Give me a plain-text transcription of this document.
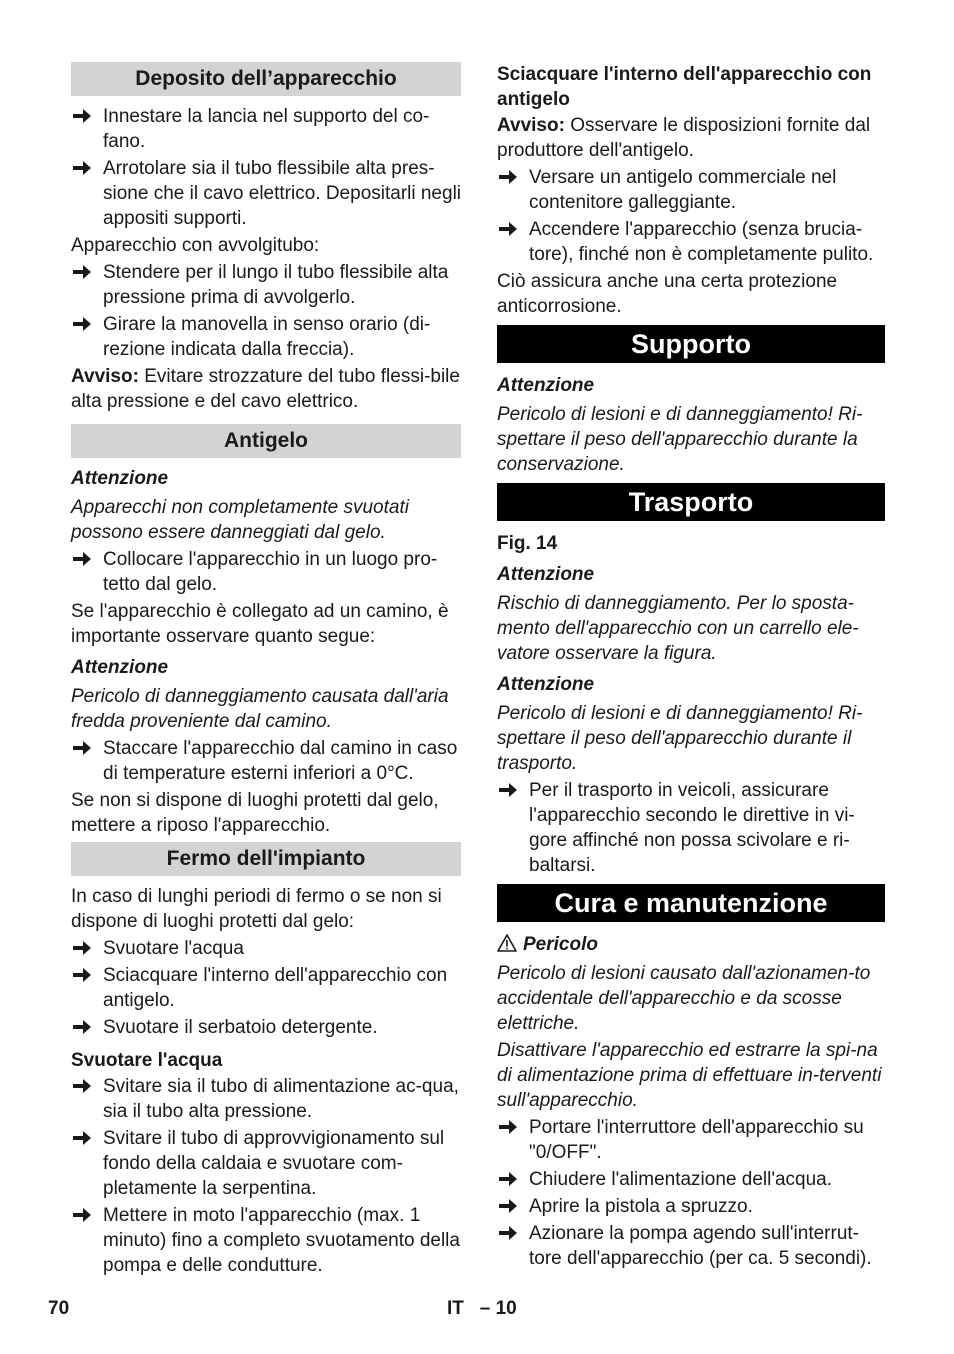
Deposito dell’apparecchio
Innestare la lancia nel supporto del co-fano.
Arrotolare sia il tubo flessibile alta pres-sione che il cavo elettrico. Depositarli negli appositi supporti.

Apparecchio con avvolgitubo:

Stendere per il lungo il tubo flessibile alta pressione prima di avvolgerlo.
Girare la manovella in senso orario (di-rezione indicata dalla freccia).

Avviso: Evitare strozzature del tubo flessi-bile alta pressione e del cavo elettrico.

Antigelo
Attenzione

Apparecchi non completamente svuotati possono essere danneggiati dal gelo.

Collocare l'apparecchio in un luogo pro-tetto dal gelo.

Se l'apparecchio è collegato ad un camino, è importante osservare quanto segue:

Attenzione

Pericolo di danneggiamento causata dall'aria fredda proveniente dal camino.

Staccare l'apparecchio dal camino in caso di temperature esterni inferiori a 0°C.

Se non si dispone di luoghi protetti dal gelo, mettere a riposo l'apparecchio.

Fermo dell'impianto

In caso di lunghi periodi di fermo o se non si dispone di luoghi protetti dal gelo:

Svuotare l'acqua
Sciacquare l'interno dell'apparecchio con antigelo.
Svuotare il serbatoio detergente.
Svuotare l'acqua
Svitare sia il tubo di alimentazione ac-qua, sia il tubo alta pressione.
Svitare il tubo di approvvigionamento sul fondo della caldaia e svuotare com-pletamente la serpentina.
Mettere in moto l'apparecchio (max. 1 minuto) fino a completo svuotamento della pompa e delle condutture.
Sciacquare l'interno dell'apparecchio con antigelo

Avviso: Osservare le disposizioni fornite dal produttore dell'antigelo.

Versare un antigelo commerciale nel contenitore galleggiante.
Accendere l'apparecchio (senza brucia-tore), finché non è completamente pulito.

Ciò assicura anche una certa protezione anticorrosione.

Supporto
Attenzione

Pericolo di lesioni e di danneggiamento! Ri-spettare il peso dell'apparecchio durante la conservazione.

Trasporto
Fig. 14
Attenzione

Rischio di danneggiamento. Per lo sposta-mento dell'apparecchio con un carrello ele-vatore osservare la figura.

Attenzione

Pericolo di lesioni e di danneggiamento! Ri-spettare il peso dell'apparecchio durante il trasporto.

Per il trasporto in veicoli, assicurare l'apparecchio secondo le direttive in vi-gore affinché non possa scivolare e ri-baltarsi.
Cura e manutenzione
Pericolo

Pericolo di lesioni causato dall'azionamen-to accidentale dell'apparecchio e da scosse elettriche.

Disattivare l'apparecchio ed estrarre la spi-na di alimentazione prima di effettuare in-terventi sull'apparecchio.

Portare l'interruttore dell'apparecchio su "0/OFF".
Chiudere l'alimentazione dell'acqua.
Aprire la pistola a spruzzo.
Azionare la pompa agendo sull'interrut-tore dell'apparecchio (per ca. 5 secondi).
70	IT   – 10
